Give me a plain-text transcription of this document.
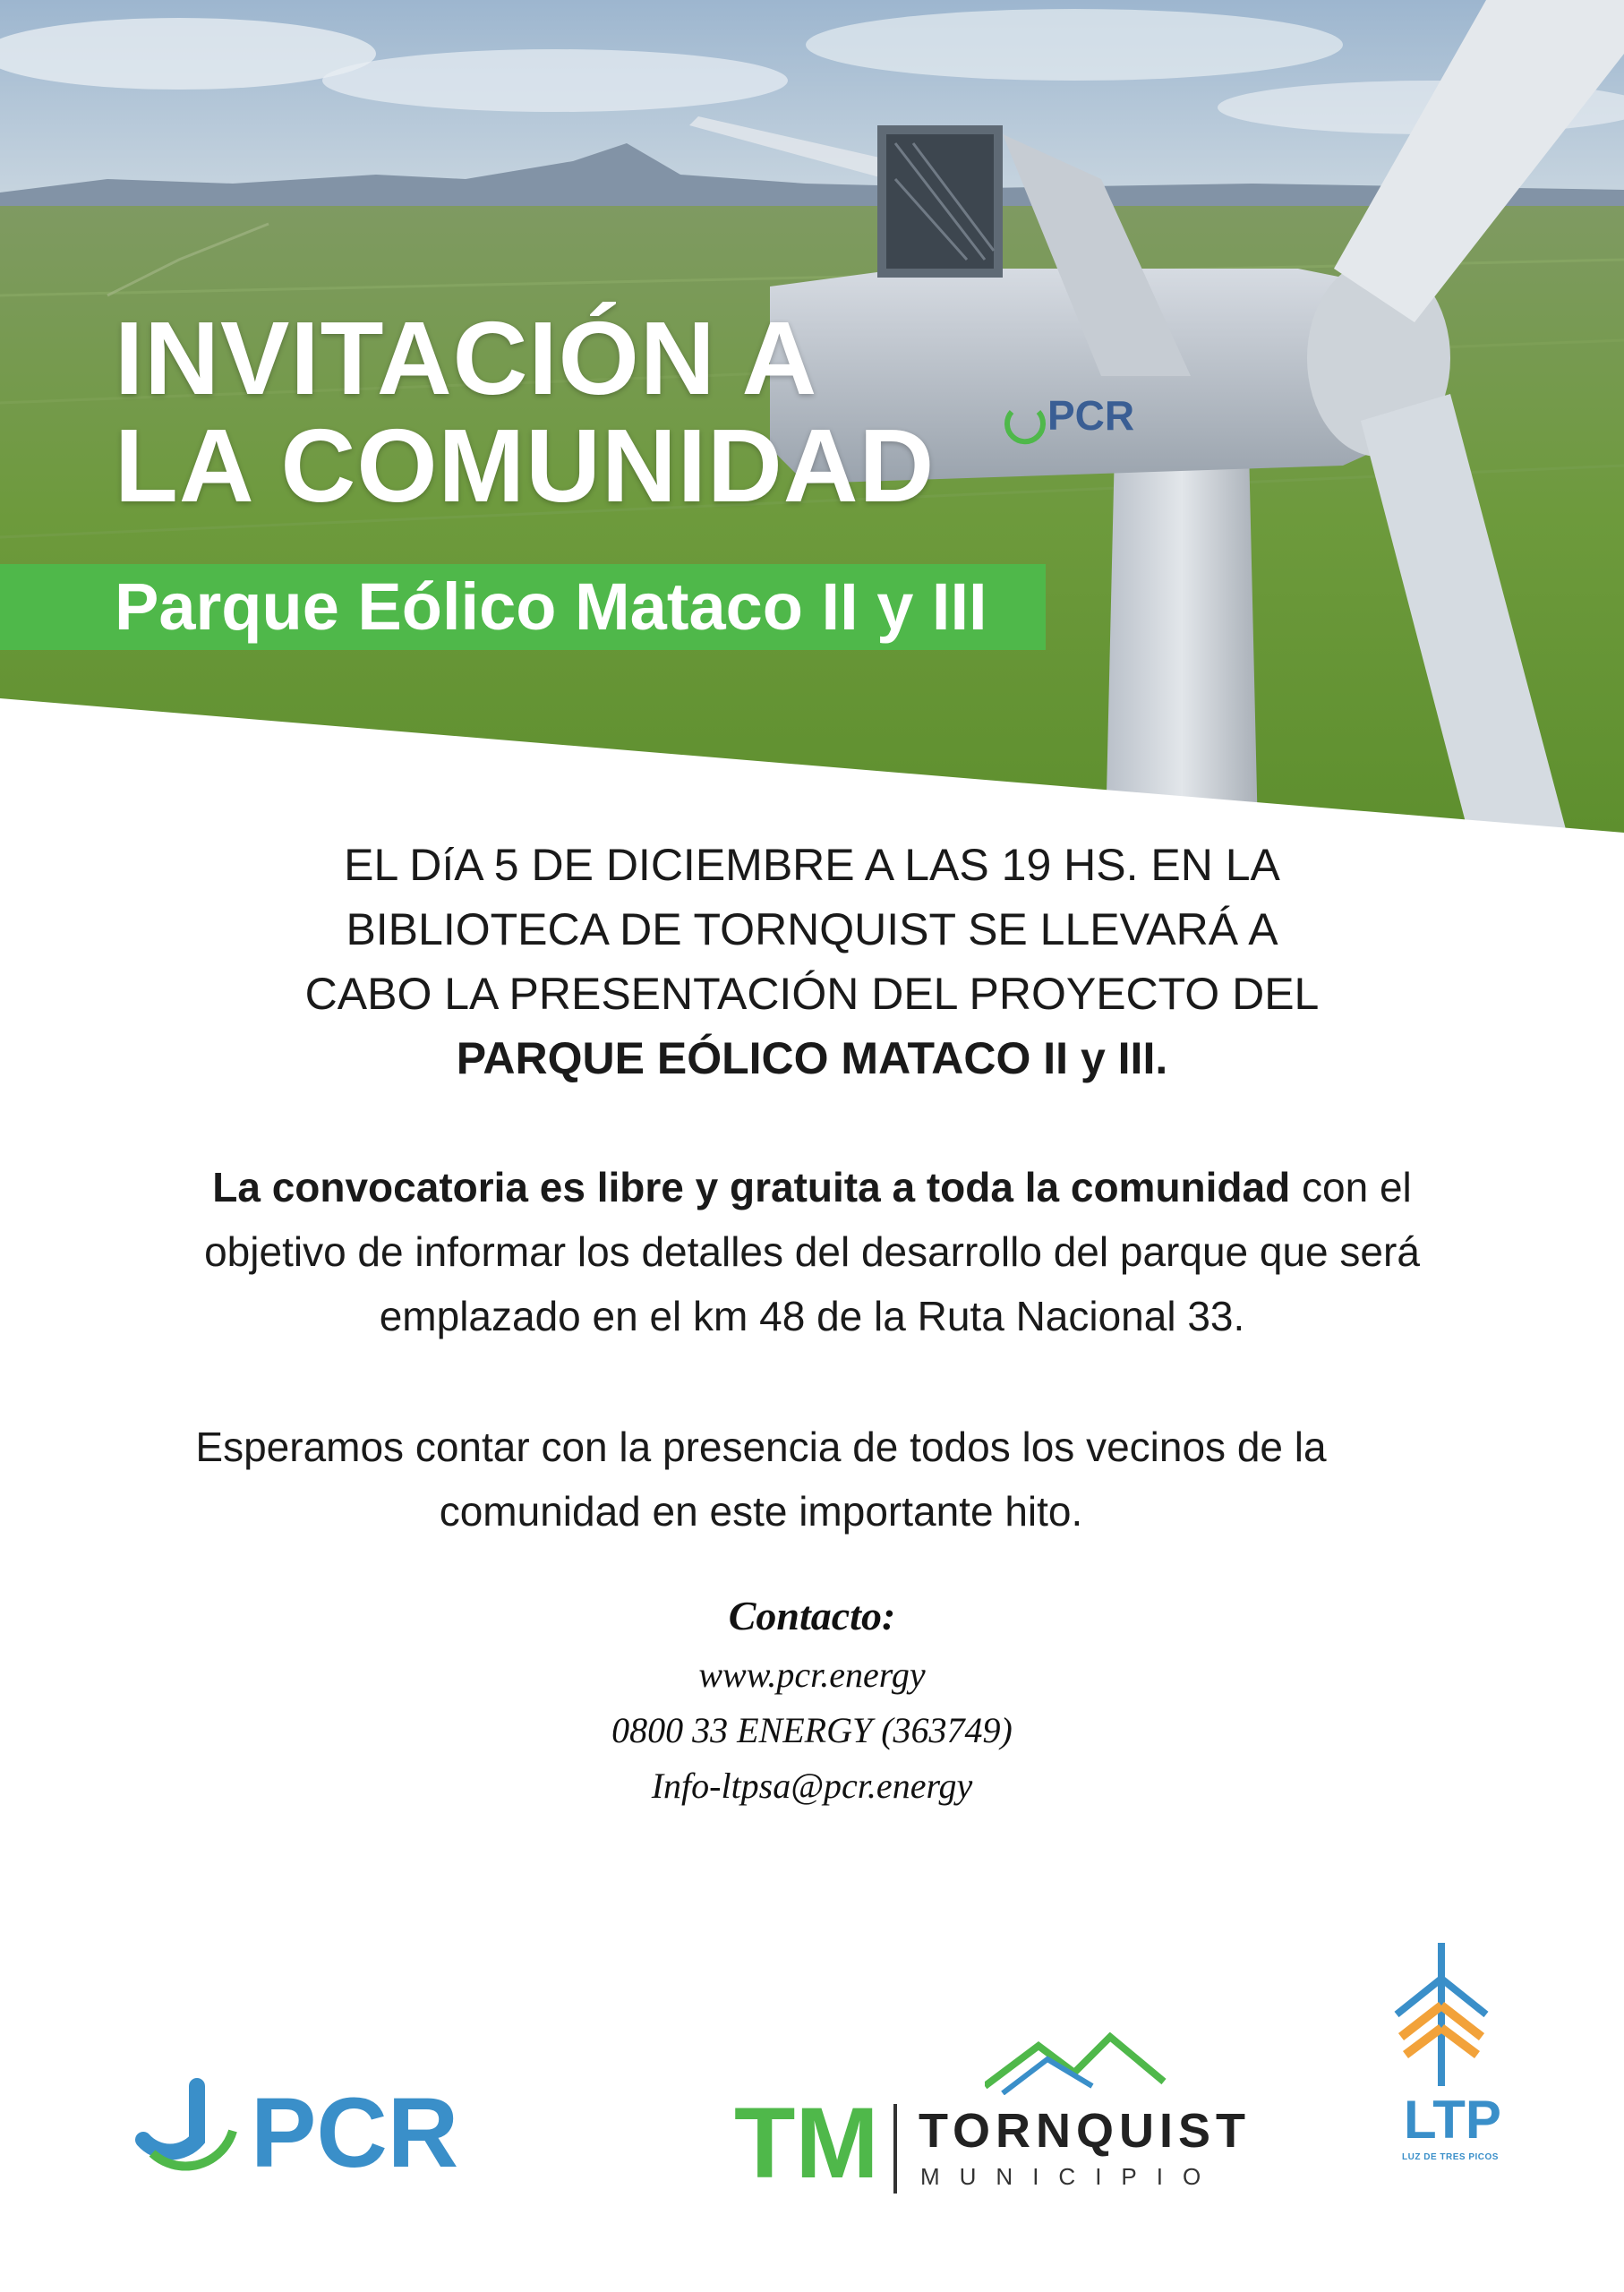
PCR
INVITACIÓN A
LA COMUNIDAD
Parque Eólico Mataco II y III
EL DíA 5 DE DICIEMBRE A LAS 19 HS. EN LA
BIBLIOTECA DE TORNQUIST SE LLEVARÁ A
CABO LA PRESENTACIÓN DEL PROYECTO DEL
PARQUE EÓLICO MATACO II y III.
La convocatoria es libre y gratuita a toda la comunidad con el
objetivo de informar los detalles del desarrollo del parque que será
emplazado en el km 48 de la Ruta Nacional 33.
Esperamos contar con la presencia de todos los vecinos de la
comunidad en este importante hito.
Contacto:
www.pcr.energy
0800 33 ENERGY (363749)
Info-ltpsa@pcr.energy
PCR	TM TORNQUIST
MUNICIPIO
LTP
LUZ DE TRES PICOS
